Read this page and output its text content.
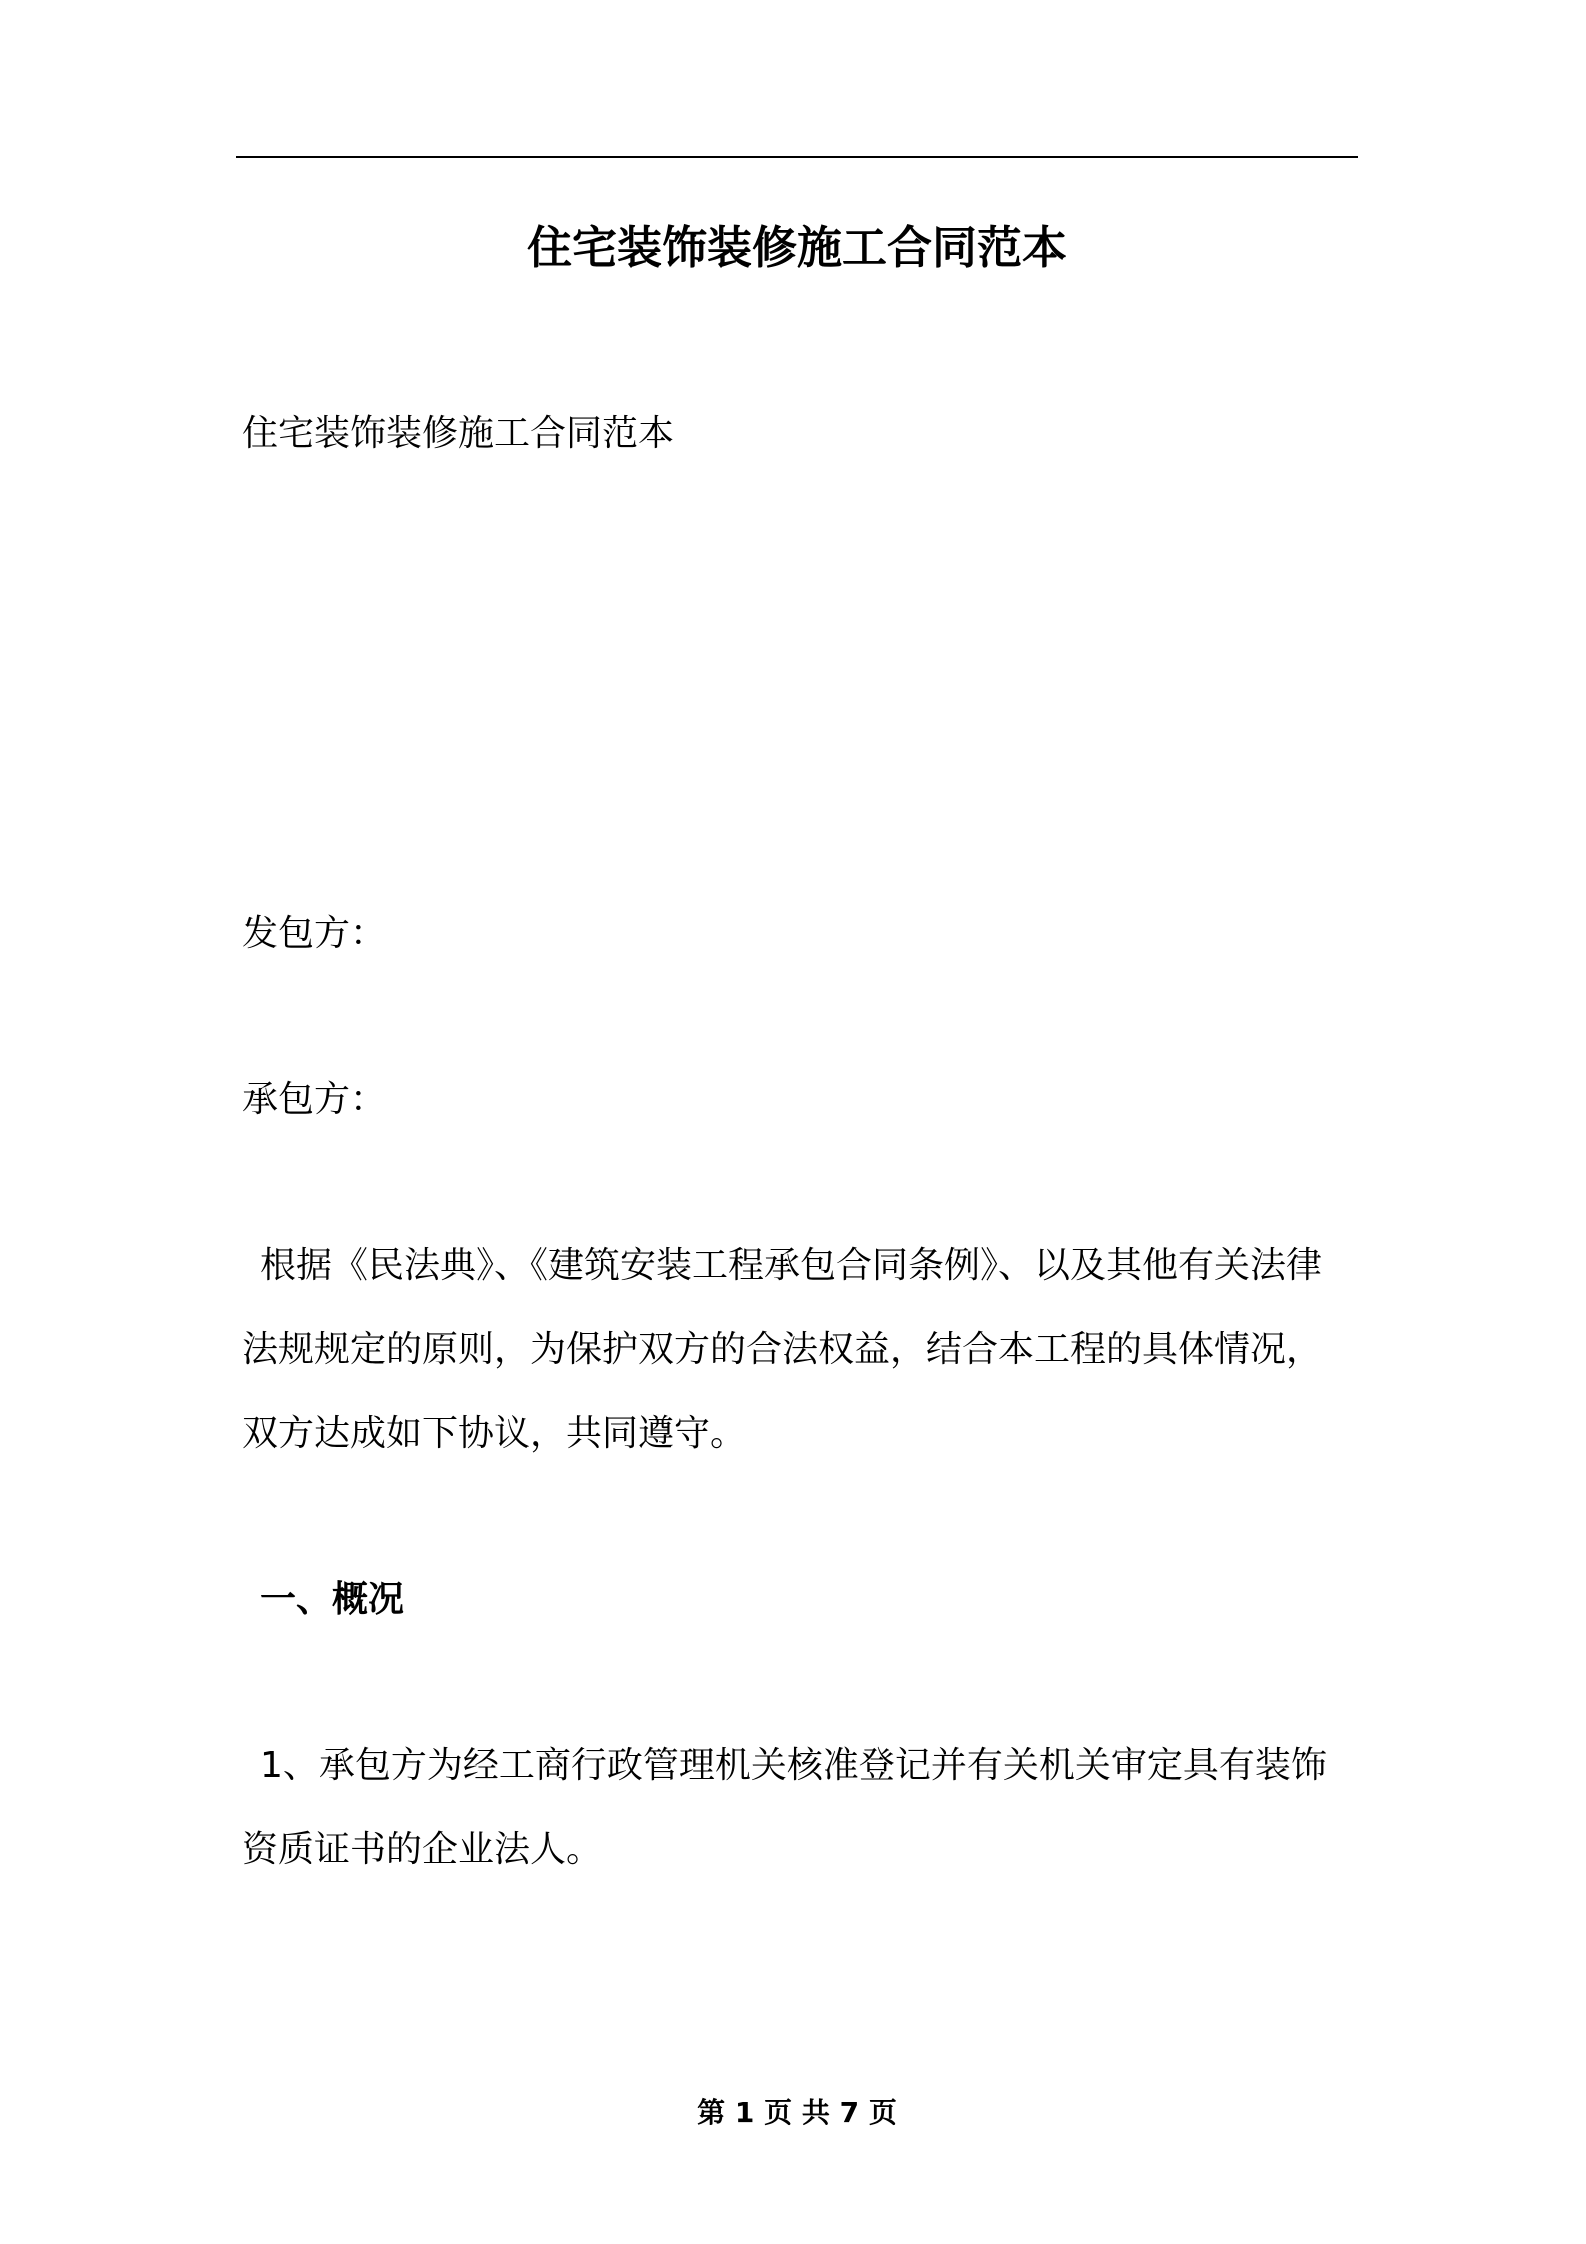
住宅装饰装修施工合同范本
住宅装饰装修施工合同范本
发包方：
承包方：
根据《民法典》、《建筑安装工程承包合同条例》、以及其他有关法律
法规规定的原则，为保护双方的合法权益，结合本工程的具体情况，
双方达成如下协议，共同遵守。
一、概况
1、承包方为经工商行政管理机关核准登记并有关机关审定具有装饰
资质证书的企业法人。
第 1 页 共 7 页
